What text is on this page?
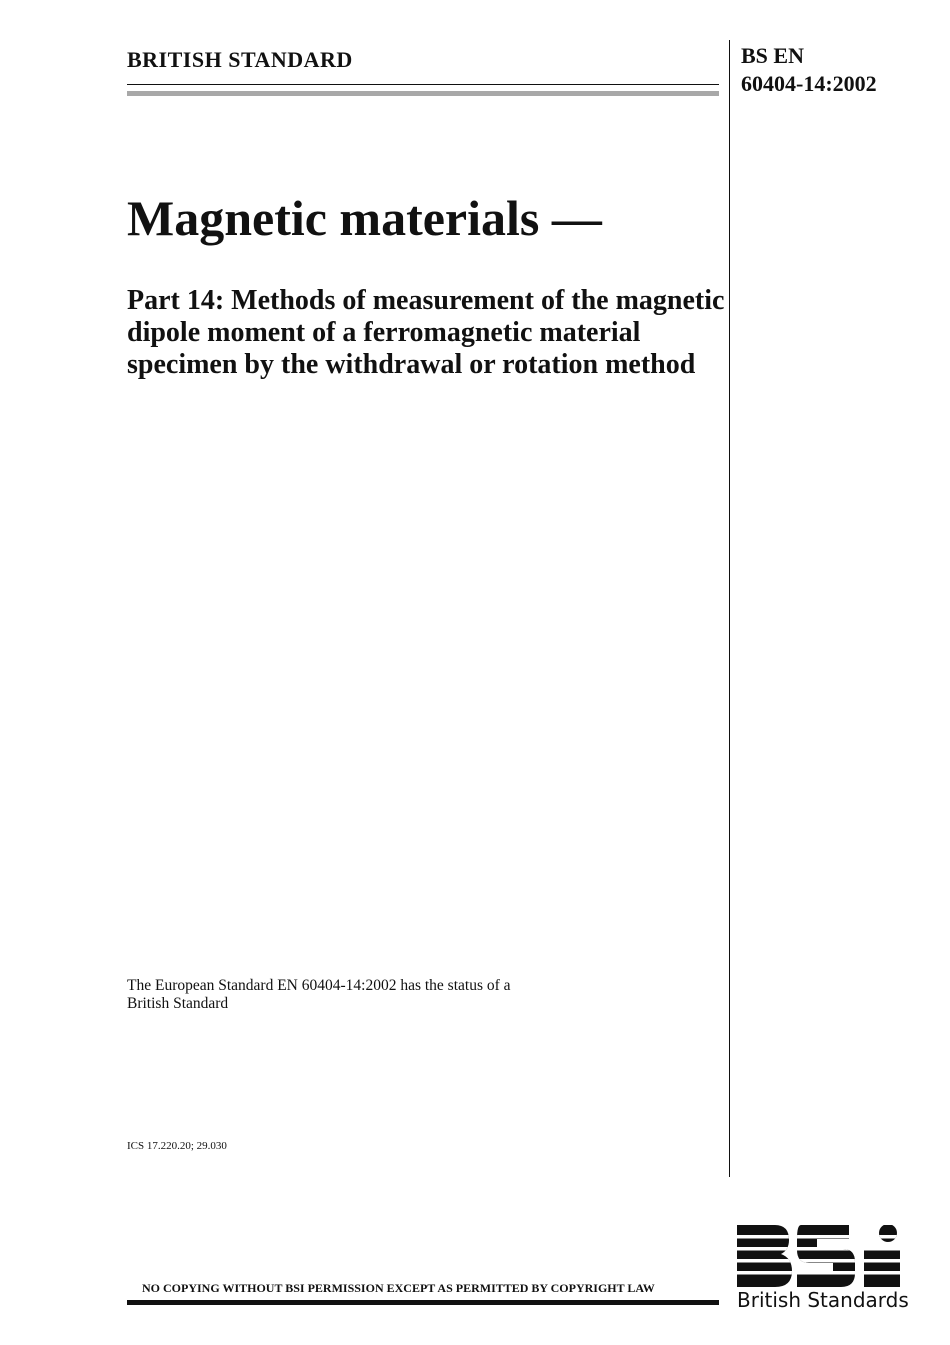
BRITISH STANDARD	BS EN
60404-14:2002
Magnetic materials —
Part 14: Methods of measurement of the magnetic dipole moment of a ferromagnetic material specimen by the withdrawal or rotation method
The European Standard EN 60404-14:2002 has the status of a
British Standard
ICS 17.220.20; 29.030
NO COPYING WITHOUT BSI PERMISSION EXCEPT AS PERMITTED BY COPYRIGHT LAW	British Standards
